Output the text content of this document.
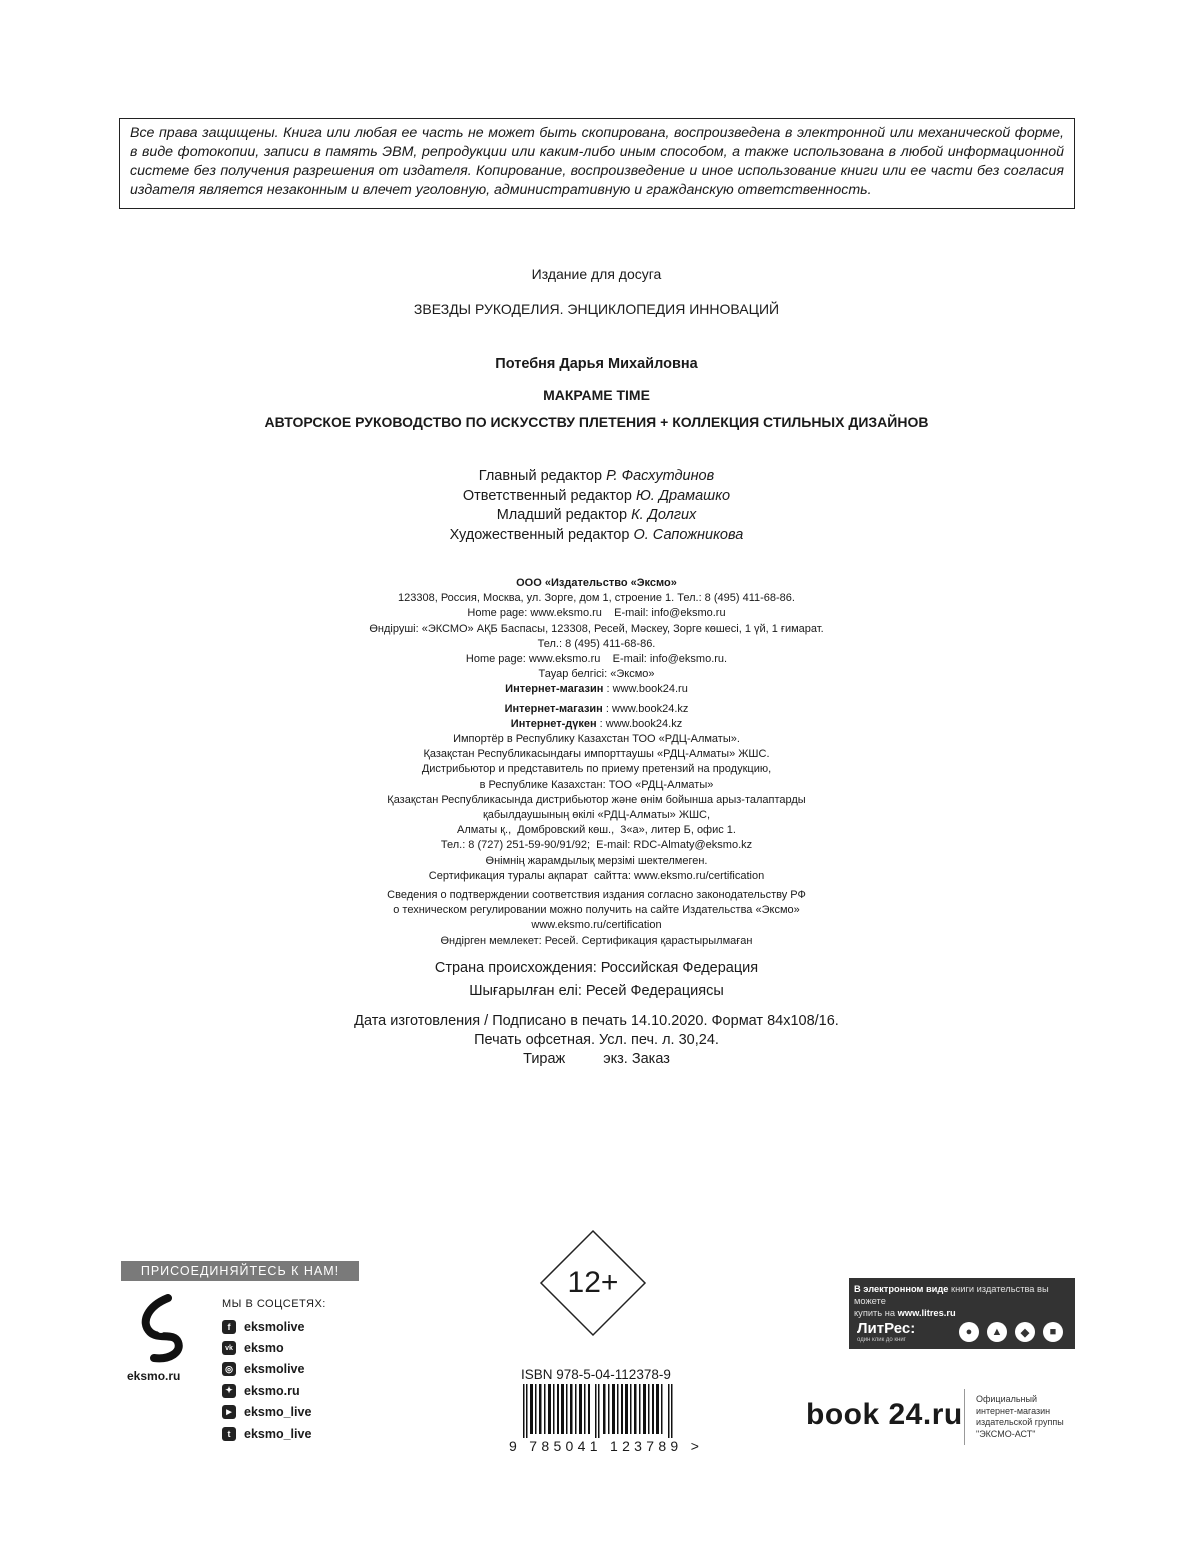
Все права защищены. Книга или любая ее часть не может быть скопирована, воспроизведена в электронной или механической форме, в виде фотокопии, записи в память ЭВМ, репродукции или каким-либо иным способом, а также использована в любой информационной системе без получения разрешения от издателя. Копирование, воспроизведение и иное использование книги или ее части без согласия издателя является незаконным и влечет уголовную, административную и гражданскую ответственность.
Издание для досуга
ЗВЕЗДЫ РУКОДЕЛИЯ. ЭНЦИКЛОПЕДИЯ ИННОВАЦИЙ
Потебня Дарья Михайловна
МАКРАМЕ TIME
АВТОРСКОЕ РУКОВОДСТВО ПО ИСКУССТВУ ПЛЕТЕНИЯ + КОЛЛЕКЦИЯ СТИЛЬНЫХ ДИЗАЙНОВ
Главный редактор Р. Фасхутдинов
Ответственный редактор Ю. Драмашко
Младший редактор К. Долгих
Художественный редактор О. Сапожникова
ООО «Издательство «Эксмо»
123308, Россия, Москва, ул. Зорге, дом 1, строение 1. Тел.: 8 (495) 411-68-86.
Home page: www.eksmo.ru    E-mail: info@eksmo.ru
Өндіруші: «ЭКСМО» АҚБ Баспасы, 123308, Ресей, Мәскеу, Зорге көшесі, 1 үй, 1 ғимарат.
Тел.: 8 (495) 411-68-86.
Home page: www.eksmo.ru    E-mail: info@eksmo.ru.
Тауар белгісі: «Эксмо»
Интернет-магазин : www.book24.ru
Интернет-магазин : www.book24.kz
Интернет-дүкен : www.book24.kz
Импортёр в Республику Казахстан ТОО «РДЦ-Алматы».
Қазақстан Республикасындағы импорттаушы «РДЦ-Алматы» ЖШС.
Дистрибьютор и представитель по приему претензий на продукцию,
в Республике Казахстан: ТОО «РДЦ-Алматы»
Қазақстан Республикасында дистрибьютор және өнім бойынша арыз-талаптарды
қабылдаушының өкілі «РДЦ-Алматы» ЖШС,
Алматы қ.,  Домбровский көш.,  3«а», литер Б, офис 1.
Тел.: 8 (727) 251-59-90/91/92;  E-mail: RDC-Almaty@eksmo.kz
Өнімнің жарамдылық мерзімі шектелмеген.
Сертификация туралы ақпарат  сайтта: www.eksmo.ru/certification
Сведения о подтверждении соответствия издания согласно законодательству РФ
о техническом регулировании можно получить на сайте Издательства «Эксмо»
www.eksmo.ru/certification
Өндірген мемлекет: Ресей. Сертификация қарастырылмаған
Страна происхождения: Российская Федерация
Шығарылған елі: Ресей Федерациясы
Дата изготовления / Подписано в печать 14.10.2020. Формат 84x108/16.
Печать офсетная. Усл. печ. л. 30,24.
Тираж	экз. Заказ
ПРИСОЕДИНЯЙТЕСЬ К НАМ!
eksmo.ru
МЫ В СОЦСЕТЯХ:
f	eksmolive
vk eksmo
◎ eksmolive
✦ eksmo.ru
▶ eksmo_live
t	eksmo_live
12+
ISBN 978-5-04-112378-9
9 785041 123789 >
В электронном виде книги издательства вы можете
купить на www.litres.ru
ЛитРес:
один клик до книг
●	▲	◆	■
book 24.ru Официальный
интернет-магазин
издательской группы
"ЭКСМО-АСТ"
